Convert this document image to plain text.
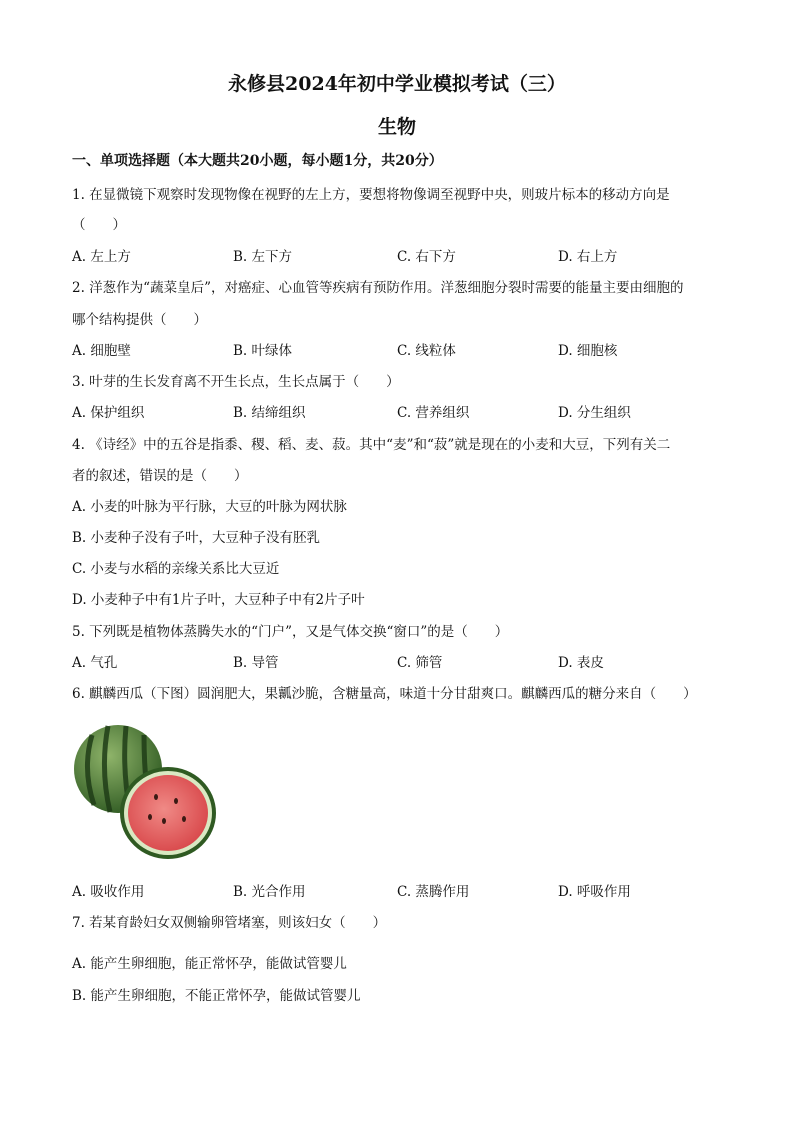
永修县2024年初中学业模拟考试（三）
生物
一、单项选择题（本大题共20小题，每小题1分，共20分）
1. 在显微镜下观察时发现物像在视野的左上方，要想将物像调至视野中央，则玻片标本的移动方向是
（　　）
A. 左上方	B. 左下方	C. 右下方	D. 右上方
2. 洋葱作为“蔬菜皇后”，对癌症、心血管等疾病有预防作用。洋葱细胞分裂时需要的能量主要由细胞的
哪个结构提供（　　）
A. 细胞壁	B. 叶绿体	C. 线粒体	D. 细胞核
3. 叶芽的生长发育离不开生长点，生长点属于（　　）
A. 保护组织	B. 结缔组织	C. 营养组织	D. 分生组织
4. 《诗经》中的五谷是指黍、稷、稻、麦、菽。其中“麦”和“菽”就是现在的小麦和大豆，下列有关二
者的叙述，错误的是（　　）
A. 小麦的叶脉为平行脉，大豆的叶脉为网状脉
B. 小麦种子没有子叶，大豆种子没有胚乳
C. 小麦与水稻的亲缘关系比大豆近
D. 小麦种子中有1片子叶，大豆种子中有2片子叶
5. 下列既是植物体蒸腾失水的“门户”，又是气体交换“窗口”的是（　　）
A. 气孔	B. 导管	C. 筛管	D. 表皮
6. 麒麟西瓜（下图）圆润肥大，果瓤沙脆，含糖量高，味道十分甘甜爽口。麒麟西瓜的糖分来自（　　）
A. 吸收作用	B. 光合作用	C. 蒸腾作用	D. 呼吸作用
7. 若某育龄妇女双侧输卵管堵塞，则该妇女（　　）
A. 能产生卵细胞，能正常怀孕，能做试管婴儿
B. 能产生卵细胞，不能正常怀孕，能做试管婴儿
